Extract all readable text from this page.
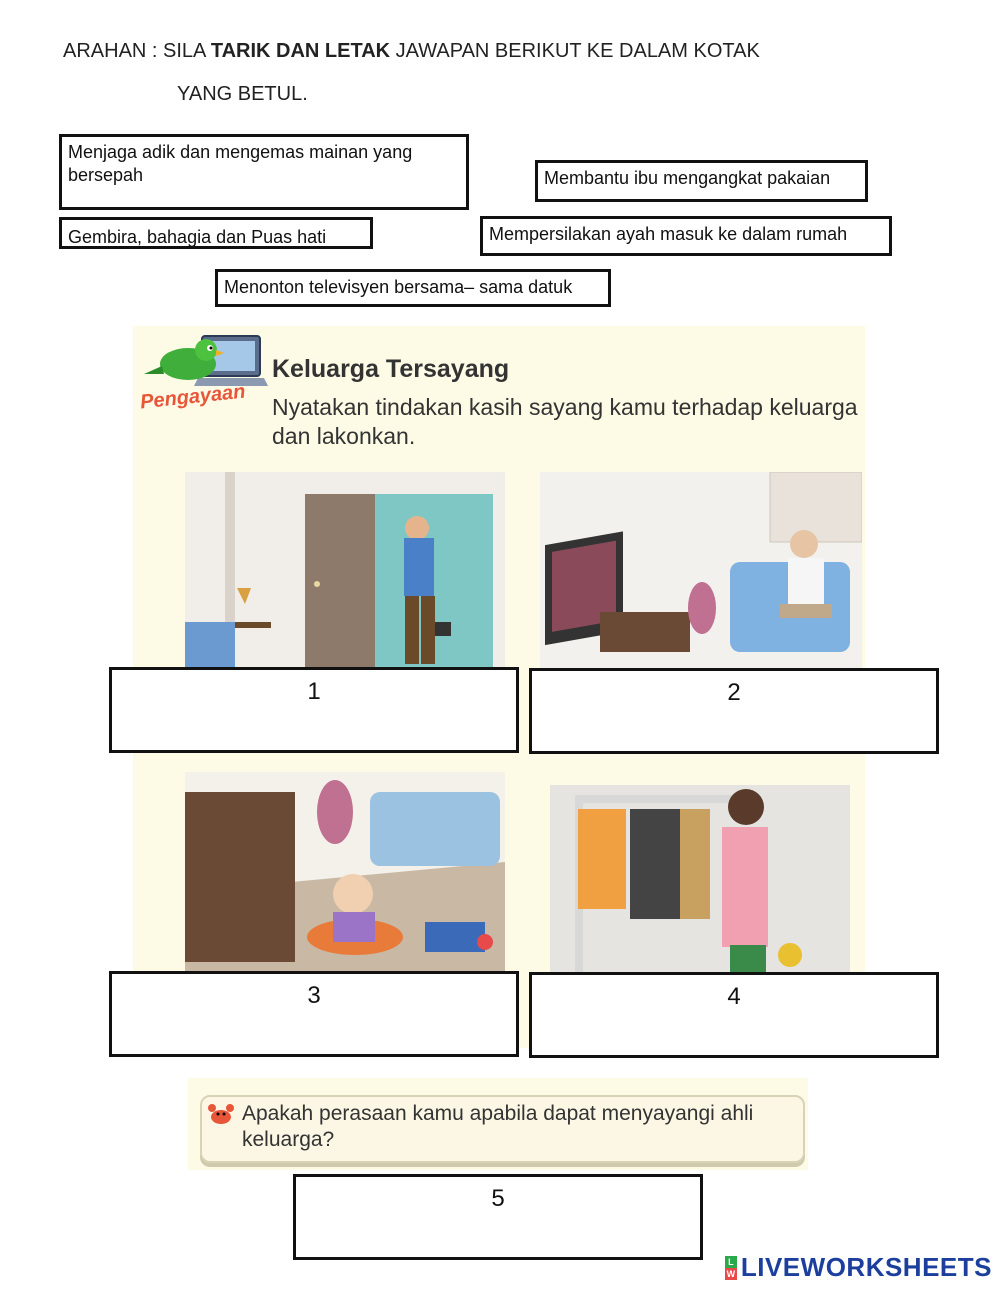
ARAHAN : SILA TARIK DAN LETAK JAWAPAN BERIKUT KE DALAM KOTAK
YANG BETUL.
Menjaga adik dan mengemas mainan yang bersepah	Membantu ibu mengangkat pakaian
Gembira, bahagia dan Puas hati	Mempersilakan ayah masuk ke dalam rumah
Menonton televisyen bersama– sama datuk
Pengayaan
Keluarga Tersayang
Nyatakan tindakan kasih sayang kamu terhadap keluarga dan lakonkan.
1	2
3	4
Apakah perasaan kamu apabila dapat menyayangi ahli keluarga?
5
L
W LIVEWORKSHEETS
